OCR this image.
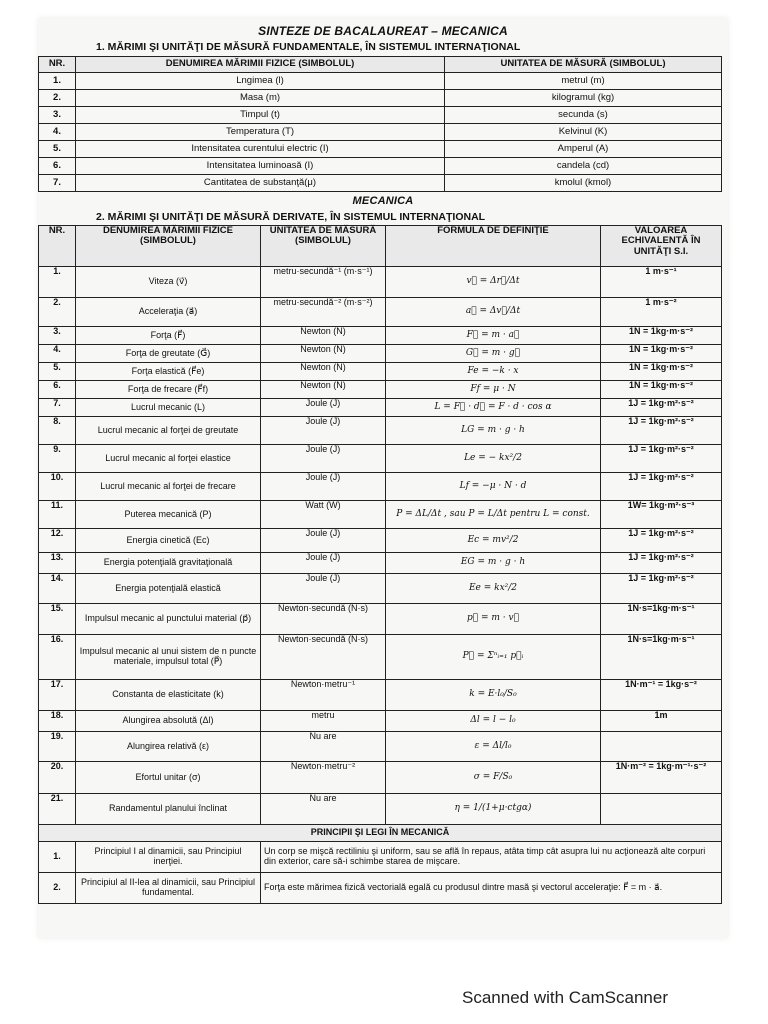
SINTEZE DE BACALAUREAT – MECANICA
1. MĂRIMI ŞI UNITĂŢI DE MĂSURĂ FUNDAMENTALE, ÎN SISTEMUL INTERNAŢIONAL
NR.	DENUMIREA MĂRIMII FIZICE (SIMBOLUL)	UNITATEA DE MĂSURĂ (SIMBOLUL)
1.	Lngimea (l)	metrul (m)
2.	Masa (m)	kilogramul (kg)
3.	Timpul (t)	secunda (s)
4.	Temperatura (T)	Kelvinul (K)
5.	Intensitatea curentului electric (I)	Amperul (A)
6.	Intensitatea luminoasă (I)	candela (cd)
7.	Cantitatea de substanţă(μ)	kmolul (kmol)
MECANICA
2. MĂRIMI ŞI UNITĂŢI DE MĂSURĂ DERIVATE, ÎN SISTEMUL INTERNAŢIONAL
NR.	DENUMIREA MĂRIMII FIZICE (SIMBOLUL)	UNITATEA DE MĂSURĂ (SIMBOLUL)	FORMULA DE DEFINIŢIE	VALOAREA ECHIVALENTĂ ÎN UNITĂŢI S.I.
1.	Viteza (v⃗)	metru·secundă⁻¹ (m·s⁻¹)	v⃗ = Δr⃗/Δt	1 m·s⁻¹
2.	Acceleraţia (a⃗)	metru·secundă⁻² (m·s⁻²)	a⃗ = Δv⃗/Δt	1 m·s⁻²
3.	Forţa (F⃗)	Newton (N)	F⃗ = m · a⃗	1N = 1kg·m·s⁻²
4.	Forţa de greutate (G⃗)	Newton (N)	G⃗ = m · g⃗	1N = 1kg·m·s⁻²
5.	Forţa elastică (F⃗e)	Newton (N)	Fe = −k · x	1N = 1kg·m·s⁻²
6.	Forţa de frecare (F⃗f)	Newton (N)	Ff = μ · N	1N = 1kg·m·s⁻²
7.	Lucrul mecanic (L)	Joule (J)	L = F⃗ · d⃗ = F · d · cos α	1J = 1kg·m²·s⁻²
8.	Lucrul mecanic al forţei de greutate	Joule (J)	LG = m · g · h	1J = 1kg·m²·s⁻²
9.	Lucrul mecanic al forţei elastice	Joule (J)	Le = − kx²/2	1J = 1kg·m²·s⁻²
10.	Lucrul mecanic al forţei de frecare	Joule (J)	Lf = −μ · N · d	1J = 1kg·m²·s⁻²
11.	Puterea mecanică (P)	Watt (W)	P = ΔL/Δt , sau P = L/Δt pentru L = const.	1W= 1kg·m²·s⁻³
12.	Energia cinetică (Ec)	Joule (J)	Ec = mv²/2	1J = 1kg·m²·s⁻²
13.	Energia potenţială gravitaţională	Joule (J)	EG = m · g · h	1J = 1kg·m²·s⁻²
14.	Energia potenţială elastică	Joule (J)	Ee = kx²/2	1J = 1kg·m²·s⁻²
15.	Impulsul mecanic al punctului material (p⃗)	Newton·secundă (N·s)	p⃗ = m · v⃗	1N·s=1kg·m·s⁻¹
16.	Impulsul mecanic al unui sistem de n puncte materiale, impulsul total (P⃗)	Newton·secundă (N·s)	P⃗ = Σⁿᵢ₌₁ p⃗ᵢ	1N·s=1kg·m·s⁻¹
17.	Constanta de elasticitate (k)	Newton·metru⁻¹	k = E·l₀/S₀	1N·m⁻¹ = 1kg·s⁻²
18.	Alungirea absolută (Δl)	metru	Δl = l − l₀	1m
19.	Alungirea relativă (ε)	Nu are	ε = Δl/l₀	
20.	Efortul unitar (σ)	Newton·metru⁻²	σ = F/S₀	1N·m⁻² = 1kg·m⁻¹·s⁻²
21.	Randamentul planului înclinat	Nu are	η = 1/(1+μ·ctgα)	
PRINCIPII ŞI LEGI ÎN MECANICĂ				
1.	Principiul I al dinamicii, sau Principiul inerţiei.	Un corp se mişcă rectiliniu şi uniform, sau se află în repaus, atâta timp cât asupra lui nu acţionează alte corpuri din exterior, care să-i schimbe starea de mişcare.		
2.	Principiul al II-lea al dinamicii, sau Principiul fundamental.	Forţa este mărimea fizică vectorială egală cu produsul dintre masă şi vectorul acceleraţie: F⃗ = m · a⃗.		
Scanned with CamScanner
